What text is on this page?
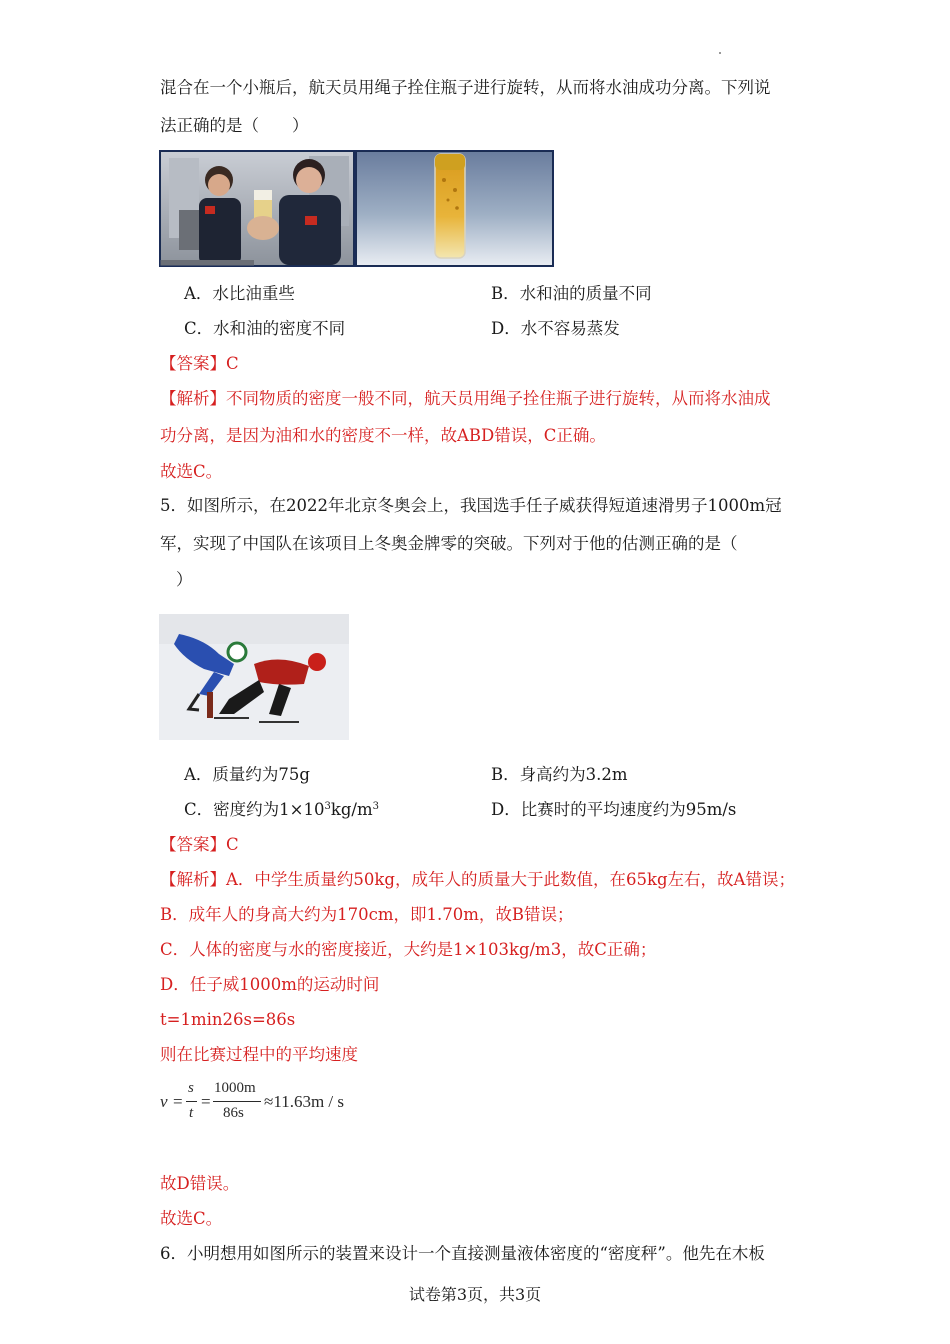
混合在一个小瓶后，航天员用绳子拴住瓶子进行旋转，从而将水油成功分离。下列说
法正确的是（　　）
A．水比油重些	B．水和油的质量不同
C．水和油的密度不同	D．水不容易蒸发
【答案】C
【解析】不同物质的密度一般不同，航天员用绳子拴住瓶子进行旋转，从而将水油成
功分离，是因为油和水的密度不一样，故ABD错误，C正确。
故选C。
5．如图所示，在2022年北京冬奥会上，我国选手任子威获得短道速滑男子1000m冠
军，实现了中国队在该项目上冬奥金牌零的突破。下列对于他的估测正确的是（
）
A．质量约为75g	B．身高约为3.2m
C．密度约为$1\times 10^3kg/m^3$	D．比赛时的平均速度约为95m/s
【答案】C
【解析】A．中学生质量约50kg，成年人的质量大于此数值，在65kg左右，故A错误；
B．成年人的身高大约为170cm，即1.70m，故B错误；
C．人体的密度与水的密度接近，大约是1×103kg/m3，故C正确；
D．任子威1000m的运动时间
t=1min26s=86s
则在比赛过程中的平均速度
v =
s
t
=
1000m
86s
≈11.63m / s
故D错误。
故选C。
6．小明想用如图所示的装置来设计一个直接测量液体密度的“密度秤”。他先在木板
试卷第3页，共3页
